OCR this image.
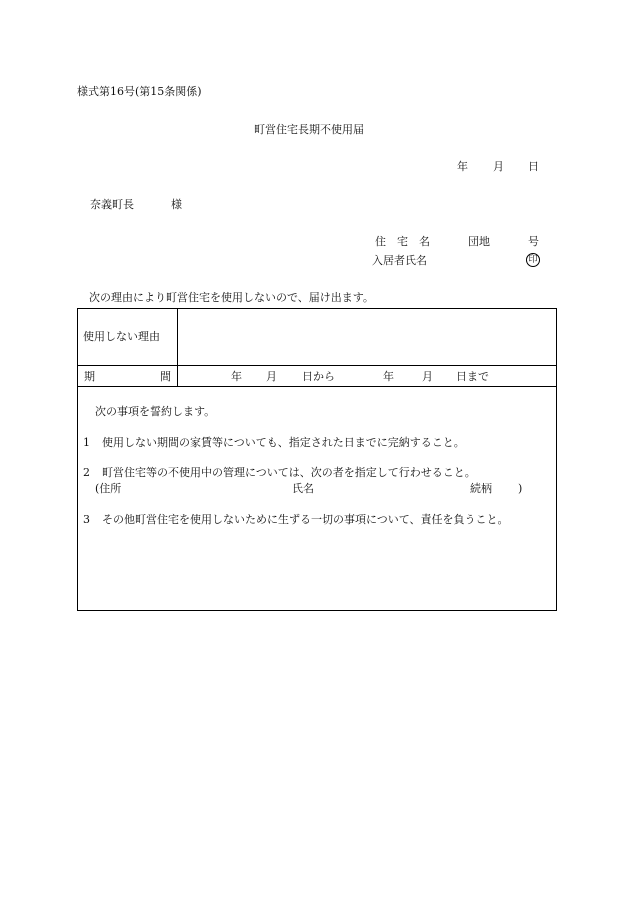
様式第16号(第15条関係)
町営住宅長期不使用届
年 月 日
奈義町長	様
住　宅　名	団地	号
入居者氏名	印
次の理由により町営住宅を使用しないので、届け出ます。
使用しない理由
期	間	年 月 日から	年	月 日まで
次の事項を誓約します。
1 使用しない期間の家賃等についても、指定された日までに完納すること。
2 町営住宅等の不使用中の管理については、次の者を指定して行わせること。
(住所	氏名	続柄 )
3 その他町営住宅を使用しないために生ずる一切の事項について、責任を負うこと。
